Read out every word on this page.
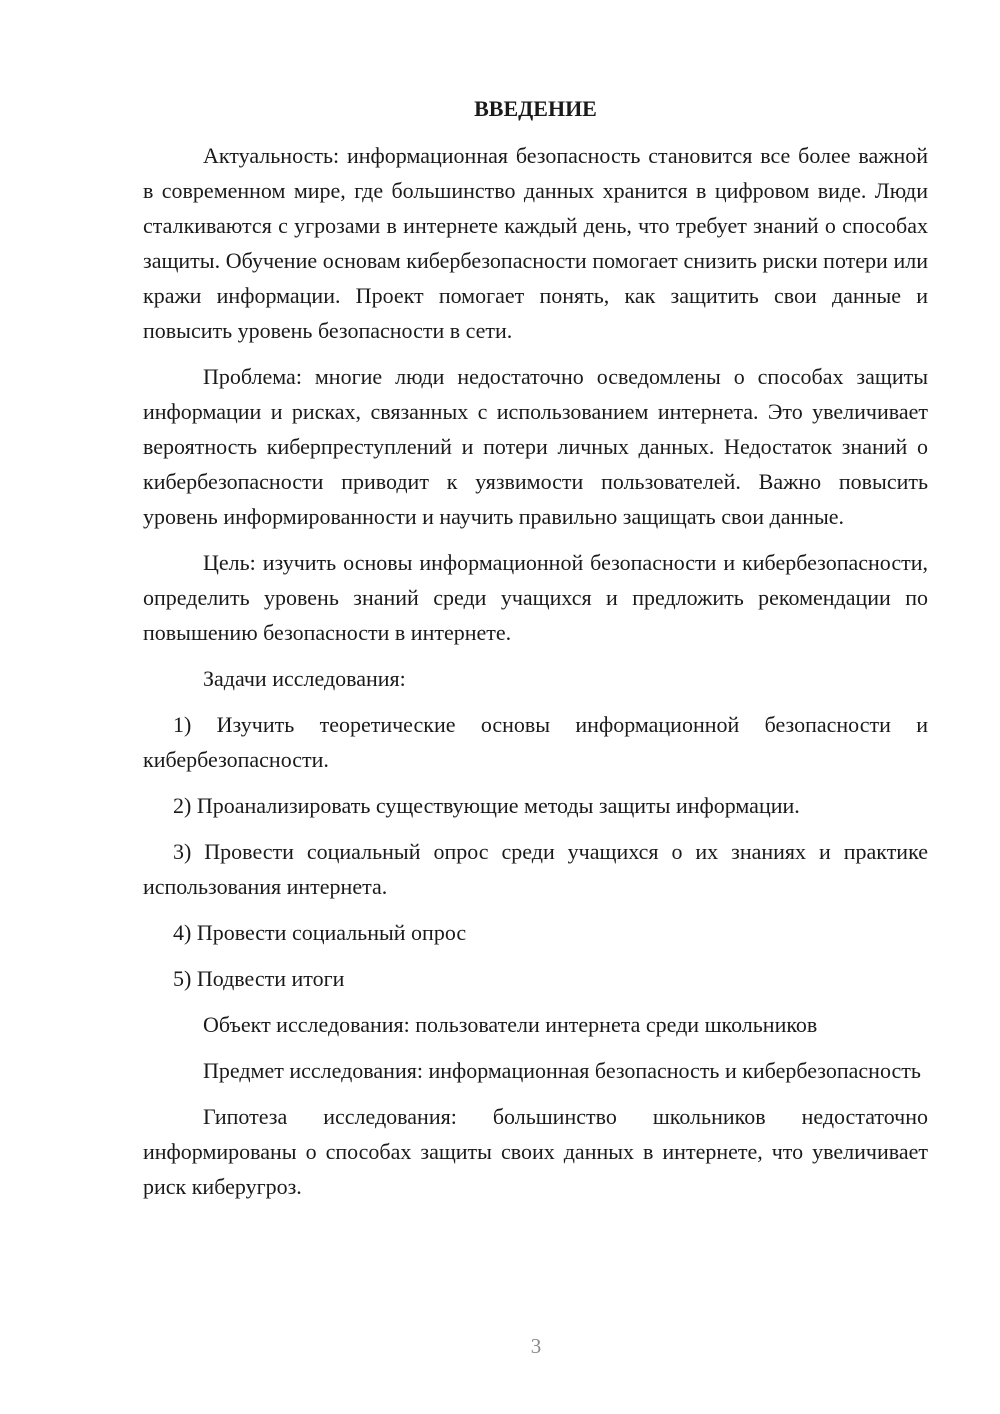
ВВЕДЕНИЕ

Актуальность: информационная безопасность становится все более важной в современном мире, где большинство данных хранится в цифровом виде. Люди сталкиваются с угрозами в интернете каждый день, что требует знаний о способах защиты. Обучение основам кибербезопасности помогает снизить риски потери или кражи информации. Проект помогает понять, как защитить свои данные и повысить уровень безопасности в сети.

Проблема: многие люди недостаточно осведомлены о способах защиты информации и рисках, связанных с использованием интернета. Это увеличивает вероятность киберпреступлений и потери личных данных. Недостаток знаний о кибербезопасности приводит к уязвимости пользователей. Важно повысить уровень информированности и научить правильно защищать свои данные.

Цель: изучить основы информационной безопасности и кибербезопасности, определить уровень знаний среди учащихся и предложить рекомендации по повышению безопасности в интернете.

Задачи исследования:

1) Изучить теоретические основы информационной безопасности и кибербезопасности.

2) Проанализировать существующие методы защиты информации.

3) Провести социальный опрос среди учащихся о их знаниях и практике использования интернета.

4) Провести социальный опрос

5) Подвести итоги

Объект исследования: пользователи интернета среди школьников

Предмет исследования: информационная безопасность и кибербезопасность

Гипотеза исследования: большинство школьников недостаточно информированы о способах защиты своих данных в интернете, что увеличивает риск киберугроз.

3
